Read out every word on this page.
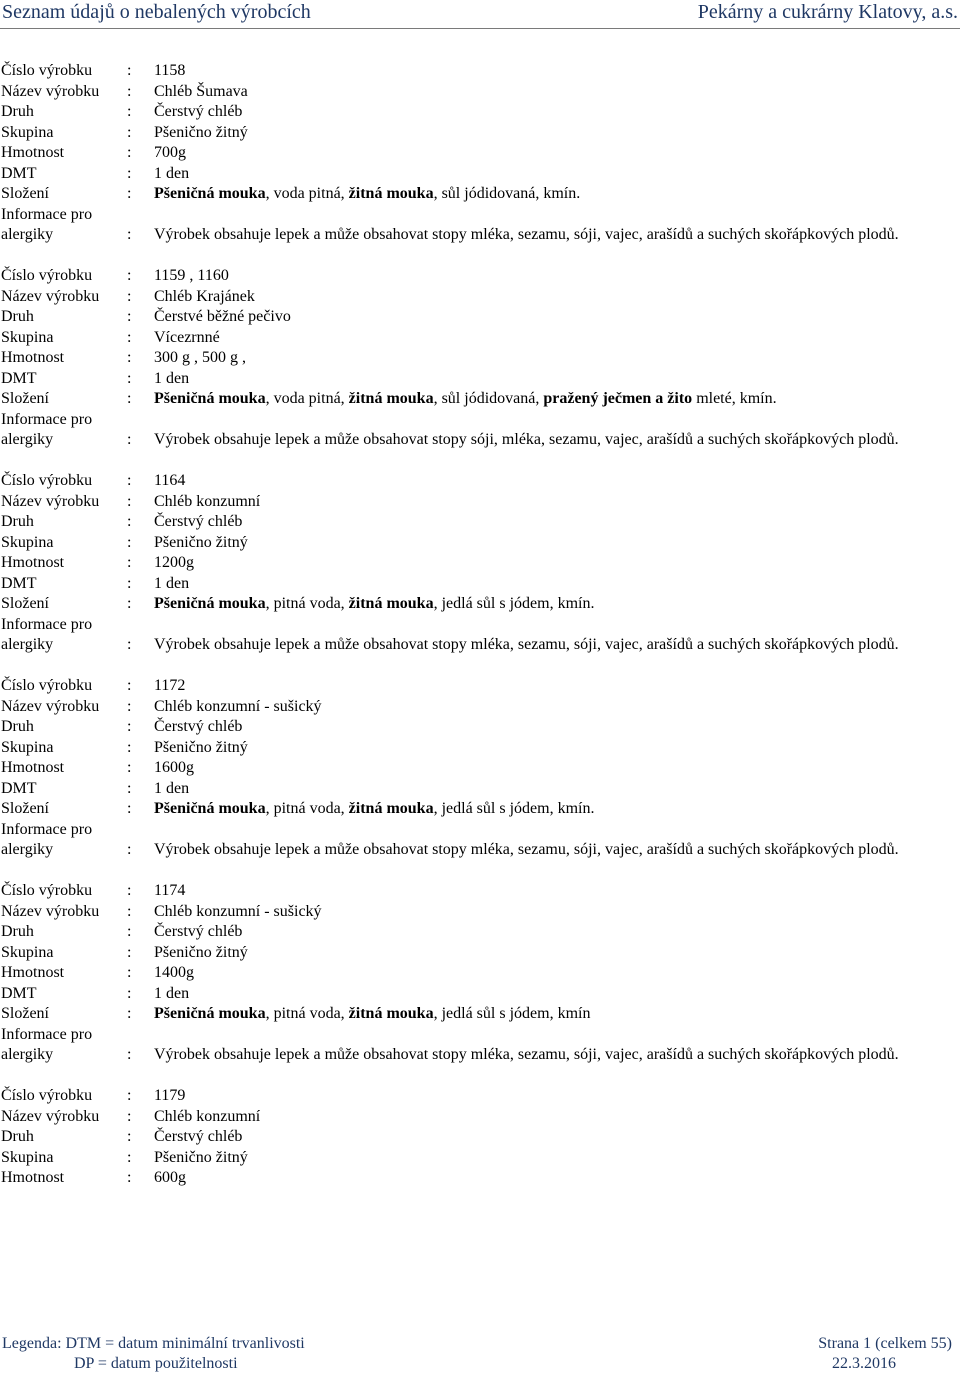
Seznam údajů o nebalených výrobcích	Pekárny a cukrárny Klatovy, a.s.
Číslo výrobku : 1158
Název výrobku : Chléb Šumava
Druh	: Čerstvý chléb
Skupina	: Pšenično žitný
Hmotnost	: 700g
DMT	: 1 den
Složení	: Pšeničná mouka, voda pitná, žitná mouka, sůl jódidovaná, kmín.
Informace pro
alergiky	: Výrobek obsahuje lepek a může obsahovat stopy mléka, sezamu, sóji, vajec, arašídů a suchých skořápkových plodů.
Číslo výrobku : 1159 , 1160
Název výrobku : Chléb Krajánek
Druh	: Čerstvé běžné pečivo
Skupina	: Vícezrnné
Hmotnost	: 300 g , 500 g ,
DMT	: 1 den
Složení	: Pšeničná mouka, voda pitná, žitná mouka, sůl jódidovaná, pražený ječmen a žito mleté, kmín.
Informace pro
alergiky	: Výrobek obsahuje lepek a může obsahovat stopy sóji, mléka, sezamu, vajec, arašídů a suchých skořápkových plodů.
Číslo výrobku : 1164
Název výrobku : Chléb konzumní
Druh	: Čerstvý chléb
Skupina	: Pšenično žitný
Hmotnost	: 1200g
DMT	: 1 den
Složení	: Pšeničná mouka, pitná voda, žitná mouka, jedlá sůl s jódem, kmín.
Informace pro
alergiky	: Výrobek obsahuje lepek a může obsahovat stopy mléka, sezamu, sóji, vajec, arašídů a suchých skořápkových plodů.
Číslo výrobku : 1172
Název výrobku : Chléb konzumní - sušický
Druh	: Čerstvý chléb
Skupina	: Pšenično žitný
Hmotnost	: 1600g
DMT	: 1 den
Složení	: Pšeničná mouka, pitná voda, žitná mouka, jedlá sůl s jódem, kmín.
Informace pro
alergiky	: Výrobek obsahuje lepek a může obsahovat stopy mléka, sezamu, sóji, vajec, arašídů a suchých skořápkových plodů.
Číslo výrobku : 1174
Název výrobku : Chléb konzumní - sušický
Druh	: Čerstvý chléb
Skupina	: Pšenično žitný
Hmotnost	: 1400g
DMT	: 1 den
Složení	: Pšeničná mouka, pitná voda, žitná mouka, jedlá sůl s jódem, kmín
Informace pro
alergiky	: Výrobek obsahuje lepek a může obsahovat stopy mléka, sezamu, sóji, vajec, arašídů a suchých skořápkových plodů.
Číslo výrobku : 1179
Název výrobku : Chléb konzumní
Druh	: Čerstvý chléb
Skupina	: Pšenično žitný
Hmotnost	: 600g
Legenda: DTM = datum minimální trvanlivosti
DP = datum použitelnosti
Strana 1 (celkem 55)
22.3.2016
